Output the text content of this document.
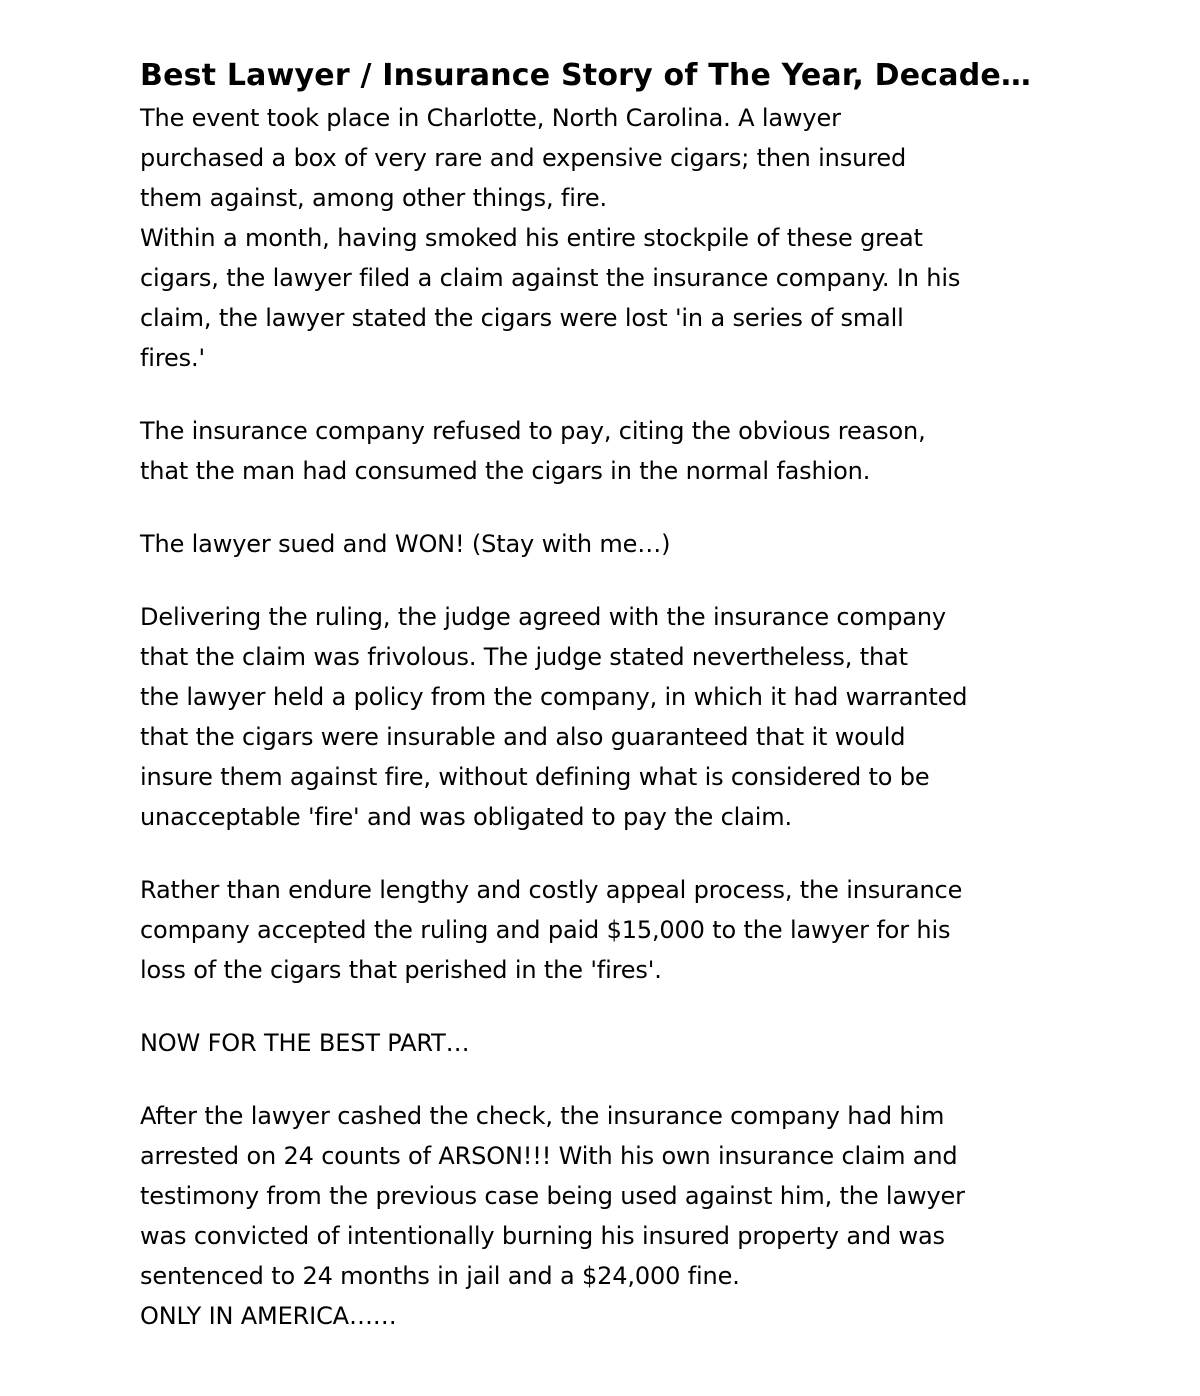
Best Lawyer / Insurance Story of The Year, Decade…
The event took place in Charlotte, North Carolina. A lawyer
purchased a box of very rare and expensive cigars; then insured
them against, among other things, fire.
Within a month, having smoked his entire stockpile of these great
cigars, the lawyer filed a claim against the insurance company. In his
claim, the lawyer stated the cigars were lost 'in a series of small
fires.'
The insurance company refused to pay, citing the obvious reason,
that the man had consumed the cigars in the normal fashion.
The lawyer sued and WON! (Stay with me…)
Delivering the ruling, the judge agreed with the insurance company
that the claim was frivolous. The judge stated nevertheless, that
the lawyer held a policy from the company, in which it had warranted
that the cigars were insurable and also guaranteed that it would
insure them against fire, without defining what is considered to be
unacceptable 'fire' and was obligated to pay the claim.
Rather than endure lengthy and costly appeal process, the insurance
company accepted the ruling and paid $15,000 to the lawyer for his
loss of the cigars that perished in the 'fires'.
NOW FOR THE BEST PART…
After the lawyer cashed the check, the insurance company had him
arrested on 24 counts of ARSON!!! With his own insurance claim and
testimony from the previous case being used against him, the lawyer
was convicted of intentionally burning his insured property and was
sentenced to 24 months in jail and a $24,000 fine.
ONLY IN AMERICA……
